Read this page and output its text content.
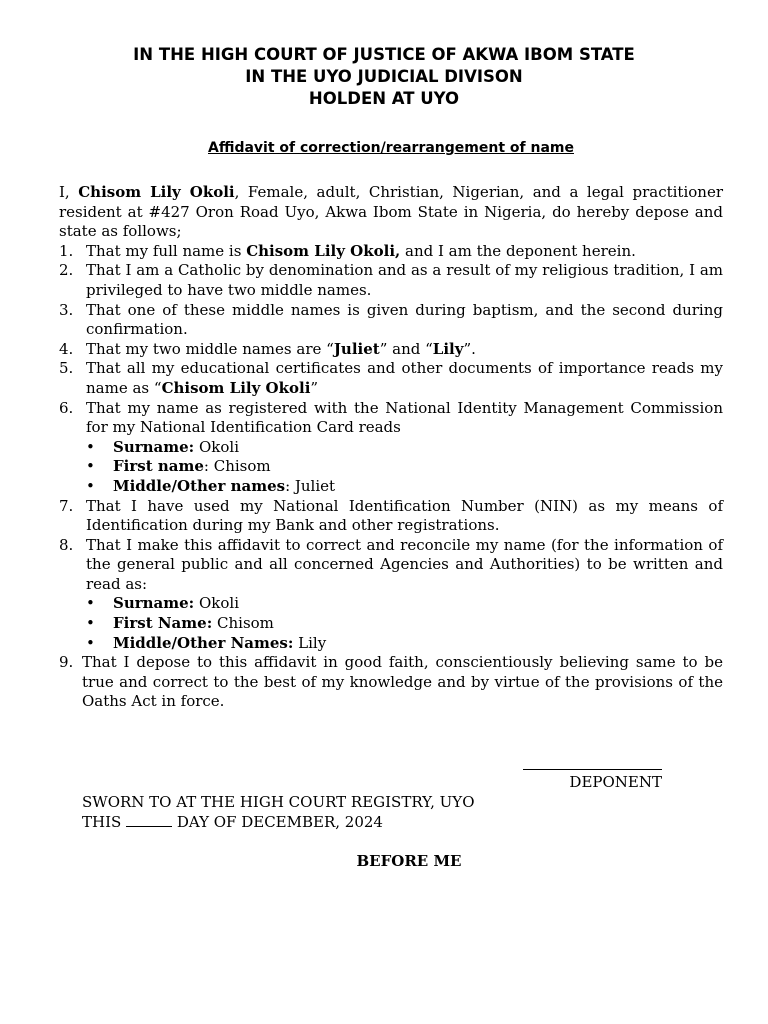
IN THE HIGH COURT OF JUSTICE OF AKWA IBOM STATE
IN THE UYO JUDICIAL DIVISON
HOLDEN AT UYO
Affidavit of correction/rearrangement of name

I, Chisom Lily Okoli, Female, adult, Christian, Nigerian, and a legal practitioner resident at #427 Oron Road Uyo, Akwa Ibom State in Nigeria, do hereby depose and state as follows;

1. That my full name is Chisom Lily Okoli, and I am the deponent herein.
2. That I am a Catholic by denomination and as a result of my religious tradition, I am privileged to have two middle names.
3. That one of these middle names is given during baptism, and the second during confirmation.
4. That my two middle names are “Juliet” and “Lily”.
5. That all my educational certificates and other documents of importance reads my name as “Chisom Lily Okoli”
6. That my name as registered with the National Identity Management Commission for my National Identification Card reads
• Surname: Okoli
• First name: Chisom
• Middle/Other names: Juliet
7. That I have used my National Identification Number (NIN) as my means of Identification during my Bank and other registrations.
8. That I make this affidavit to correct and reconcile my name (for the information of the general public and all concerned Agencies and Authorities) to be written and read as:
• Surname: Okoli
• First Name: Chisom
• Middle/Other Names: Lily
9. That I depose to this affidavit in good faith, conscientiously believing same to be true and correct to the best of my knowledge and by virtue of the provisions of the Oaths Act in force.
DEPONENT
SWORN TO AT THE HIGH COURT REGISTRY, UYO
THIS	DAY OF DECEMBER, 2024
BEFORE ME
